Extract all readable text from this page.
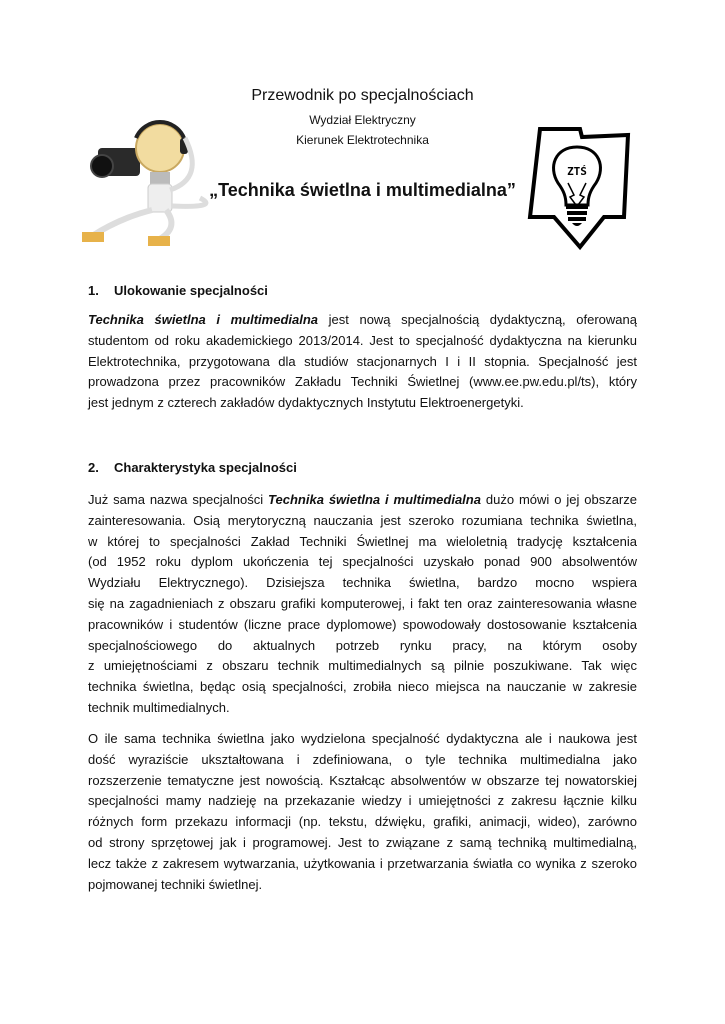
Przewodnik po specjalnościach
Wydział Elektryczny
Kierunek Elektrotechnika
„Technika świetlna i multimedialna”
ZTŚ
1. Ulokowanie specjalności
Technika świetlna i multimedialna jest nową specjalnością dydaktyczną, oferowaną
studentom od roku akademickiego 2013/2014. Jest to specjalność dydaktyczna na kierunku
Elektrotechnika, przygotowana dla studiów stacjonarnych I i II stopnia. Specjalność jest
prowadzona przez pracowników Zakładu Techniki Świetlnej (www.ee.pw.edu.pl/ts), który
jest jednym z czterech zakładów dydaktycznych Instytutu Elektroenergetyki.
2. Charakterystyka specjalności
Już sama nazwa specjalności Technika świetlna i multimedialna dużo mówi o jej obszarze
zainteresowania. Osią merytoryczną nauczania jest szeroko rozumiana technika świetlna,
w której to specjalności Zakład Techniki Świetlnej ma wieloletnią tradycję kształcenia
(od 1952 roku dyplom ukończenia tej specjalności uzyskało ponad 900 absolwentów
Wydziału Elektrycznego). Dzisiejsza technika świetlna, bardzo mocno wspiera
się na zagadnieniach z obszaru grafiki komputerowej, i fakt ten oraz zainteresowania własne
pracowników i studentów (liczne prace dyplomowe) spowodowały dostosowanie kształcenia
specjalnościowego do aktualnych potrzeb rynku pracy, na którym osoby
z umiejętnościami z obszaru technik multimedialnych są pilnie poszukiwane. Tak więc
technika świetlna, będąc osią specjalności, zrobiła nieco miejsca na nauczanie w zakresie
technik multimedialnych.
O ile sama technika świetlna jako wydzielona specjalność dydaktyczna ale i naukowa jest
dość wyraziście ukształtowana i zdefiniowana, o tyle technika multimedialna jako
rozszerzenie tematyczne jest nowością. Kształcąc absolwentów w obszarze tej nowatorskiej
specjalności mamy nadzieję na przekazanie wiedzy i umiejętności z zakresu łącznie kilku
różnych form przekazu informacji (np. tekstu, dźwięku, grafiki, animacji, wideo), zarówno
od strony sprzętowej jak i programowej. Jest to związane z samą techniką multimedialną,
lecz także z zakresem wytwarzania, użytkowania i przetwarzania światła co wynika z szeroko
pojmowanej techniki świetlnej.
